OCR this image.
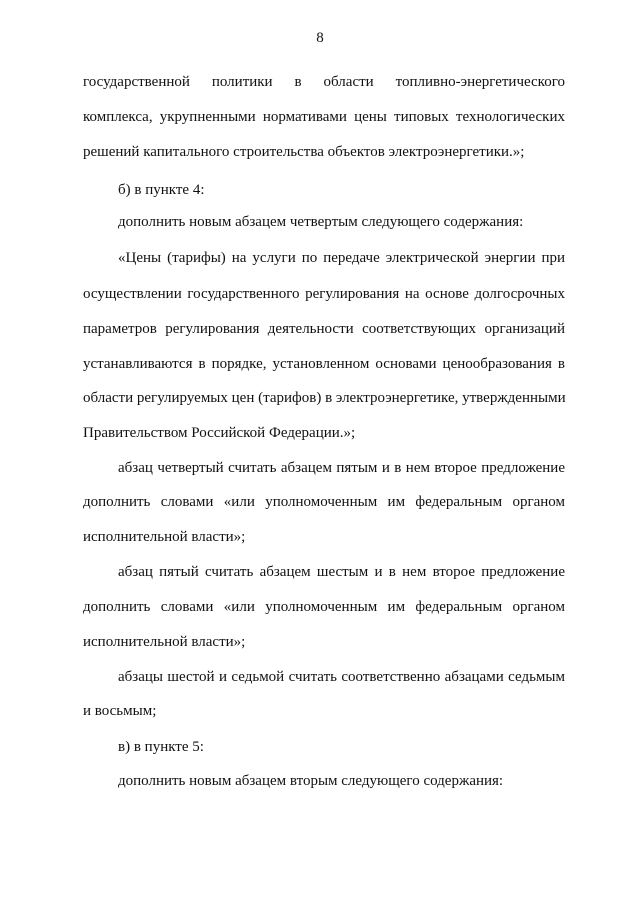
8
государственной политики в области топливно-энергетического
комплекса, укрупненными нормативами цены типовых технологических
решений капитального строительства объектов электроэнергетики.»;
б) в пункте 4:
дополнить новым абзацем четвертым следующего содержания:
«Цены (тарифы) на услуги по передаче электрической энергии при
осуществлении государственного регулирования на основе долгосрочных
параметров регулирования деятельности соответствующих организаций
устанавливаются в порядке, установленном основами ценообразования в
области регулируемых цен (тарифов) в электроэнергетике, утвержденными
Правительством Российской Федерации.»;
абзац четвертый считать абзацем пятым и в нем второе предложение
дополнить словами «или уполномоченным им федеральным органом
исполнительной власти»;
абзац пятый считать абзацем шестым и в нем второе предложение
дополнить словами «или уполномоченным им федеральным органом
исполнительной власти»;
абзацы шестой и седьмой считать соответственно абзацами седьмым
и восьмым;
в) в пункте 5:
дополнить новым абзацем вторым следующего содержания:
